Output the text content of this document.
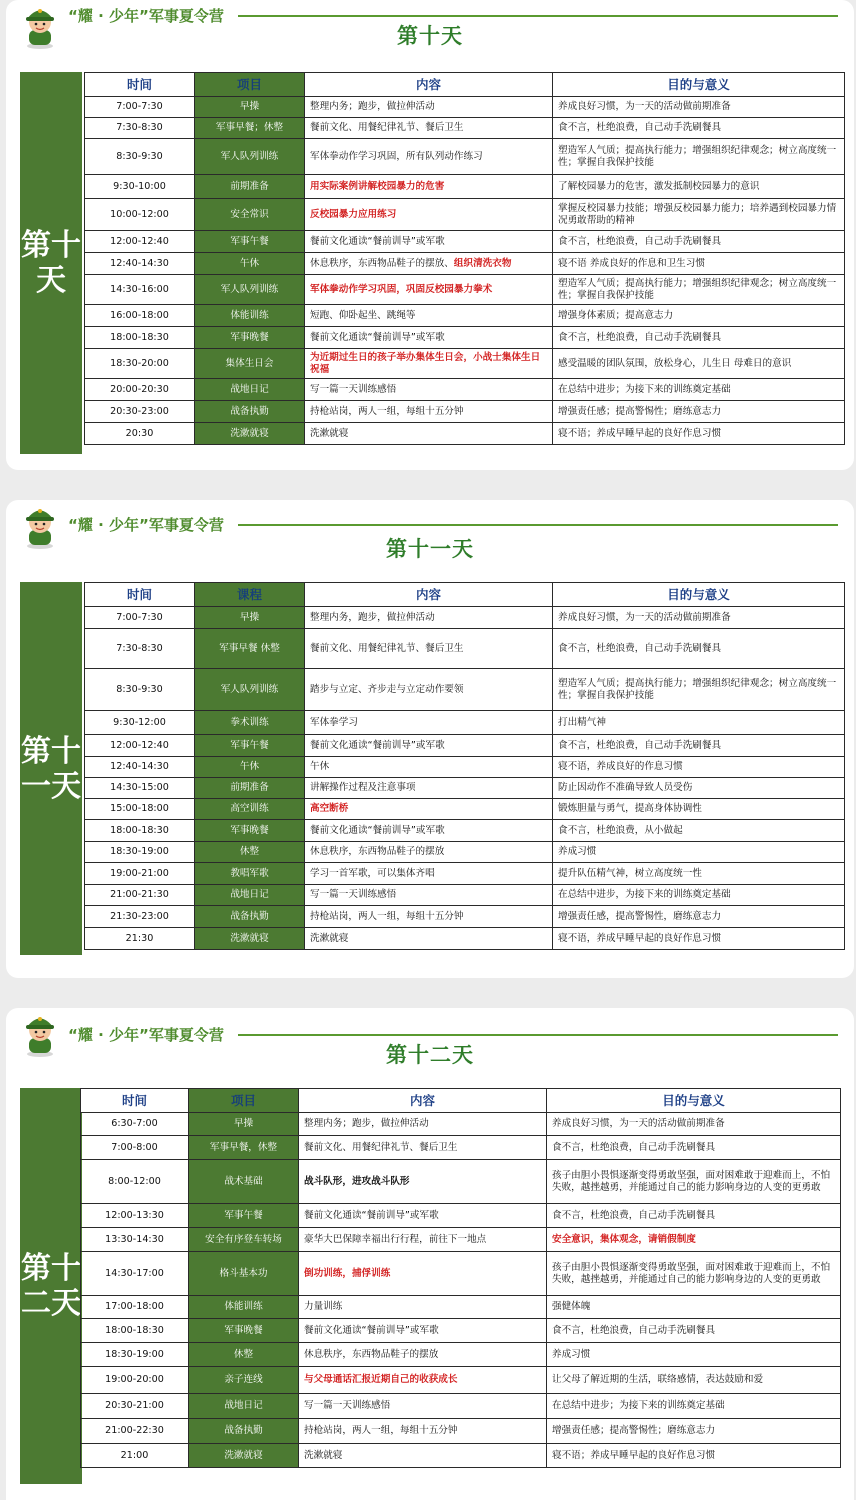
“耀 · 少年”军事夏令营
第十天
第十天
时间	项目	内容	目的与意义
7:00-7:30	早操	整理内务；跑步，做拉伸活动	养成良好习惯，为一天的活动做前期准备
7:30-8:30	军事早餐；休整	餐前文化、用餐纪律礼节、餐后卫生	食不言，杜绝浪费，自己动手洗刷餐具
8:30-9:30	军人队列训练	军体拳动作学习巩固，所有队列动作练习	塑造军人气质；提高执行能力；增强组织纪律观念；树立高度统一性；掌握自我保护技能
9:30-10:00	前期准备	用实际案例讲解校园暴力的危害	了解校园暴力的危害，激发抵制校园暴力的意识
10:00-12:00	安全常识	反校园暴力应用练习	掌握反校园暴力技能；增强反校园暴力能力；培养遇到校园暴力情况勇敢帮助的精神
12:00-12:40	军事午餐	餐前文化通读“餐前训导”或军歌	食不言，杜绝浪费，自己动手洗刷餐具
12:40-14:30	午休	休息秩序，东西物品鞋子的摆放、组织清洗衣物	寝不语 养成良好的作息和卫生习惯
14:30-16:00	军人队列训练	军体拳动作学习巩固，巩固反校园暴力拳术	塑造军人气质；提高执行能力；增强组织纪律观念；树立高度统一性；掌握自我保护技能
16:00-18:00	体能训练	短跑、仰卧起坐、跳绳等	增强身体素质；提高意志力
18:00-18:30	军事晚餐	餐前文化通读“餐前训导”或军歌	食不言，杜绝浪费，自己动手洗刷餐具
18:30-20:00	集体生日会	为近期过生日的孩子举办集体生日会，小战士集体生日祝福	感受温暖的团队氛围，放松身心，儿生日 母难日的意识
20:00-20:30	战地日记	写一篇一天训练感悟	在总结中进步；为接下来的训练奠定基础
20:30-23:00	战备执勤	持枪站岗，两人一组，每组十五分钟	增强责任感；提高警惕性；磨练意志力
20:30	洗漱就寝	洗漱就寝	寝不语；养成早睡早起的良好作息习惯
“耀 · 少年”军事夏令营
第十一天
第十一天
时间	课程	内容	目的与意义
7:00-7:30	早操	整理内务，跑步，做拉伸活动	养成良好习惯，为一天的活动做前期准备
7:30-8:30	军事早餐 休整	餐前文化、用餐纪律礼节、餐后卫生	食不言，杜绝浪费，自己动手洗刷餐具
8:30-9:30	军人队列训练	踏步与立定、齐步走与立定动作要领	塑造军人气质；提高执行能力；增强组织纪律观念；树立高度统一性；掌握自我保护技能
9:30-12:00	拳术训练	军体拳学习	打出精气神
12:00-12:40	军事午餐	餐前文化通读“餐前训导”或军歌	食不言，杜绝浪费，自己动手洗刷餐具
12:40-14:30	午休	午休	寝不语，养成良好的作息习惯
14:30-15:00	前期准备	讲解操作过程及注意事项	防止因动作不准确导致人员受伤
15:00-18:00	高空训练	高空断桥	锻炼胆量与勇气，提高身体协调性
18:00-18:30	军事晚餐	餐前文化通读“餐前训导”或军歌	食不言，杜绝浪费，从小做起
18:30-19:00	休整	休息秩序，东西物品鞋子的摆放	养成习惯
19:00-21:00	教唱军歌	学习一首军歌，可以集体齐唱	提升队伍精气神，树立高度统一性
21:00-21:30	战地日记	写一篇一天训练感悟	在总结中进步，为接下来的训练奠定基础
21:30-23:00	战备执勤	持枪站岗，两人一组，每组十五分钟	增强责任感，提高警惕性，磨练意志力
21:30	洗漱就寝	洗漱就寝	寝不语，养成早睡早起的良好作息习惯
“耀 · 少年”军事夏令营
第十二天
第十二天
时间	项目	内容	目的与意义
6:30-7:00	早操	整理内务；跑步，做拉伸活动	养成良好习惯，为一天的活动做前期准备
7:00-8:00	军事早餐，休整	餐前文化、用餐纪律礼节、餐后卫生	食不言，杜绝浪费，自己动手洗刷餐具
8:00-12:00	战术基础	战斗队形，进攻战斗队形	孩子由胆小畏惧逐渐变得勇敢坚强，面对困难敢于迎难而上，不怕失败，越挫越勇，并能通过自己的能力影响身边的人变的更勇敢
12:00-13:30	军事午餐	餐前文化通读“餐前训导”或军歌	食不言，杜绝浪费，自己动手洗刷餐具
13:30-14:30	安全有序登车转场	豪华大巴保障幸福出行行程，前往下一地点	安全意识，集体观念，请销假制度
14:30-17:00	格斗基本功	倒功训练，捕俘训练	孩子由胆小畏惧逐渐变得勇敢坚强，面对困难敢于迎难而上，不怕失败，越挫越勇，并能通过自己的能力影响身边的人变的更勇敢
17:00-18:00	体能训练	力量训练	强健体魄
18:00-18:30	军事晚餐	餐前文化通读“餐前训导”或军歌	食不言，杜绝浪费，自己动手洗刷餐具
18:30-19:00	休整	休息秩序，东西物品鞋子的摆放	养成习惯
19:00-20:00	亲子连线	与父母通话汇报近期自己的收获成长	让父母了解近期的生活，联络感情，表达鼓励和爱
20:30-21:00	战地日记	写一篇一天训练感悟	在总结中进步；为接下来的训练奠定基础
21:00-22:30	战备执勤	持枪站岗，两人一组，每组十五分钟	增强责任感；提高警惕性；磨练意志力
21:00	洗漱就寝	洗漱就寝	寝不语；养成早睡早起的良好作息习惯
